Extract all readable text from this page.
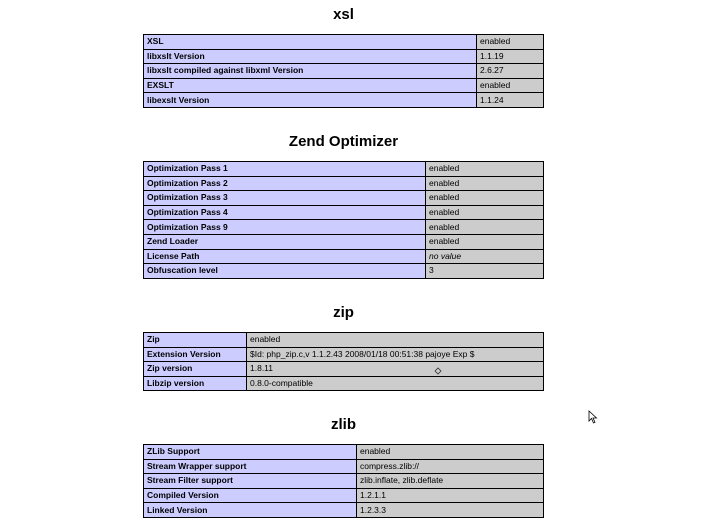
xsl
XSL	enabled
libxslt Version	1.1.19
libxslt compiled against libxml Version	2.6.27
EXSLT	enabled
libexslt Version	1.1.24
Zend Optimizer
Optimization Pass 1	enabled
Optimization Pass 2	enabled
Optimization Pass 3	enabled
Optimization Pass 4	enabled
Optimization Pass 9	enabled
Zend Loader	enabled
License Path	no value
Obfuscation level	3
zip
Zip	enabled
Extension Version	$Id: php_zip.c,v 1.1.2.43 2008/01/18 00:51:38 pajoye Exp $
Zip version	1.8.11
Libzip version	0.8.0-compatible
zlib
ZLib Support	enabled
Stream Wrapper support	compress.zlib://
Stream Filter support	zlib.inflate, zlib.deflate
Compiled Version	1.2.1.1
Linked Version	1.2.3.3
